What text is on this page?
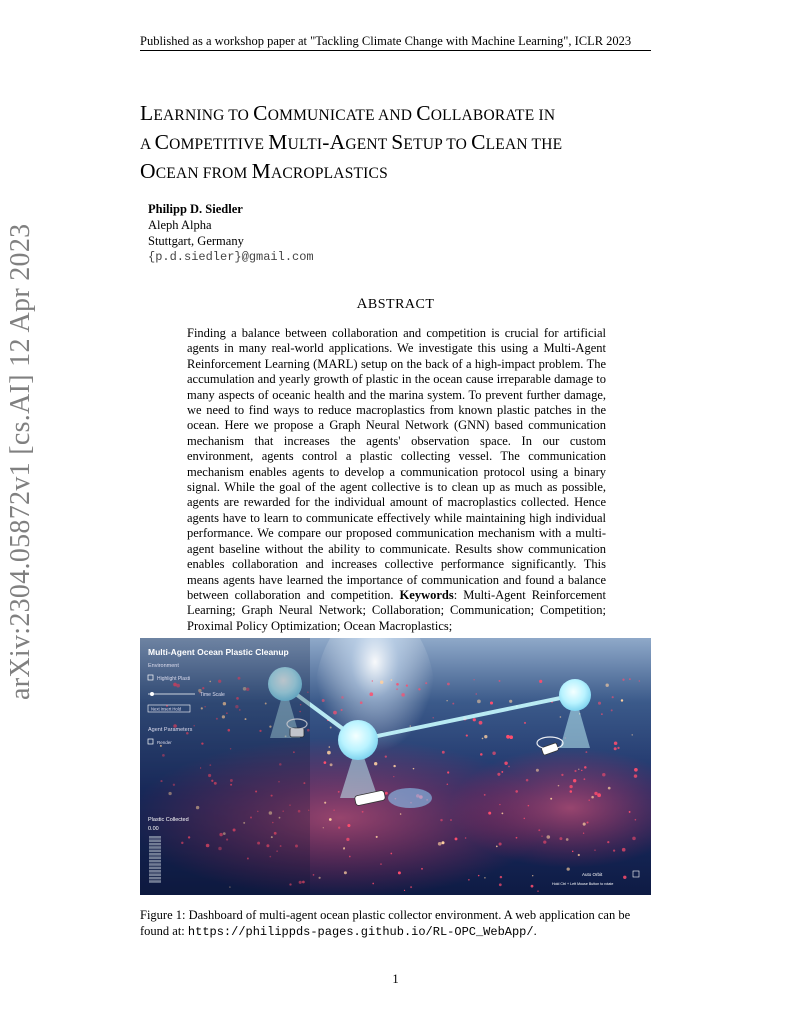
Published as a workshop paper at "Tackling Climate Change with Machine Learning", ICLR 2023
LEARNING TO COMMUNICATE AND COLLABORATE IN
A COMPETITIVE MULTI-AGENT SETUP TO CLEAN THE
OCEAN FROM MACROPLASTICS
Philipp D. Siedler
Aleph Alpha
Stuttgart, Germany
{p.d.siedler}@gmail.com
arXiv:2304.05872v1 [cs.AI] 12 Apr 2023	ABSTRACT
Finding a balance between collaboration and competition is crucial for artificial agents in many real-world applications. We investigate this using a Multi-Agent Reinforcement Learning (MARL) setup on the back of a high-impact problem. The accumulation and yearly growth of plastic in the ocean cause irreparable damage to many aspects of oceanic health and the marina system. To prevent further damage, we need to find ways to reduce macroplastics from known plastic patches in the ocean. Here we propose a Graph Neural Network (GNN) based communication mechanism that increases the agents' observation space. In our custom environment, agents control a plastic collecting vessel. The communication mechanism enables agents to develop a communication protocol using a binary signal. While the goal of the agent collective is to clean up as much as possible, agents are rewarded for the individual amount of macroplastics collected. Hence agents have to learn to communicate effectively while maintaining high individual performance. We compare our proposed communication mechanism with a multi-agent baseline without the ability to communicate. Results show communication enables collaboration and increases collective performance significantly. This means agents have learned the importance of communication and found a balance between collaboration and competition. Keywords: Multi-Agent Reinforcement Learning; Graph Neural Network; Collaboration; Communication; Competition; Proximal Policy Optimization; Ocean Macroplastics;
Multi-Agent Ocean Plastic Cleanup
Environment
Highlight Plasti
Time Scale
Next Insert Hold
Agent Parameters
Render
Plastic Collected
0.00
Auto Orbit
Hold Ctrl + Left Mouse Button to rotate
Figure 1: Dashboard of multi-agent ocean plastic collector environment. A web application can be found at: https://philippds-pages.github.io/RL-OPC_WebApp/.
1
